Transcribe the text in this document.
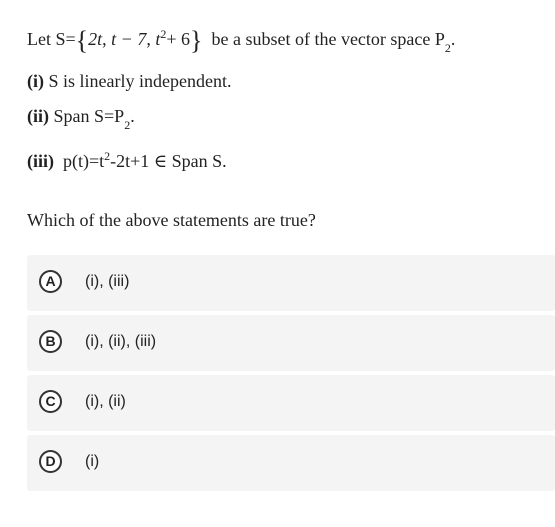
Let S={2t, t − 7, $t^2+ 6$} be a subset of the vector space $P_2$.
(i) S is linearly independent.
(ii) Span $S=P_2$.
(iii) $p(t)=t^2-2t+1$ ∈ Span S.
Which of the above statements are true?
A	(i), (iii)
B	(i), (ii), (iii)
C	(i), (ii)
D	(i)
